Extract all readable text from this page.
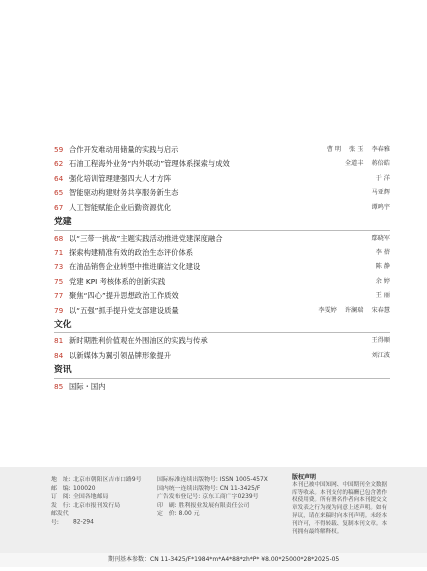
59 合作开发难动用储量的实践与启示	曹 明 张 玉 李春雅
62 石油工程海外业务“内外联动”管理体系探索与成效	全道丰 蒋倍皓
64 强化培训管理建强四大人才方阵	于 洋
65 智能驱动构建财务共享服务新生态	马亚辉
67 人工智能赋能企业后勤资源优化	谭鸣宇
党建
68 以“三带一挑战”主题实践活动推进党建深度融合	鄢晓军
71 探索构建精准有效的政治生态评价体系	李 蓓
73 在油品销售企业转型中推进廉洁文化建设	陈 静
75 党建 KPI 考核体系的创新实践	余 婷
77 聚焦“四心”提升思想政治工作质效	王 丽
79 以“五强”抓手提升党支部建设质量	李雯婷 许澜瑞 宋春慧
文化
81 新时期胜利价值观在外围油区的实践与传承	王得顺
84 以新媒体为翼引领品牌形象提升	刘江波
资讯
85 国际・国内
地　址: 北京市朝阳区吉市口路9号
邮　编: 100020
订　阅: 全国各地邮局
发　行: 北京市报刊发行局
邮发代号: 82-294
国际标准连续出版物号: ISSN 1005-457X
国内统一连续出版物号: CN 11-3425/F
广告发布登记号: 京东工商广字0239号
印　刷: 胜利报业发展有限责任公司
定　价: 8.00 元
版权声明
本刊已被中国知网、中国期刊全文数据库等收录。本刊支付的稿酬已包含著作权使用费。所有署名作者向本刊提交文章发表之行为视为同意上述声明。如有异议，请在来稿时向本刊声明。未经本刊许可，不得转载、复制本刊文章。本刊拥有最终解释权。
期刊基本参数：CN 11-3425/F*1984*m*A4*88*zh*P* ¥8.00*25000*28*2025-05
